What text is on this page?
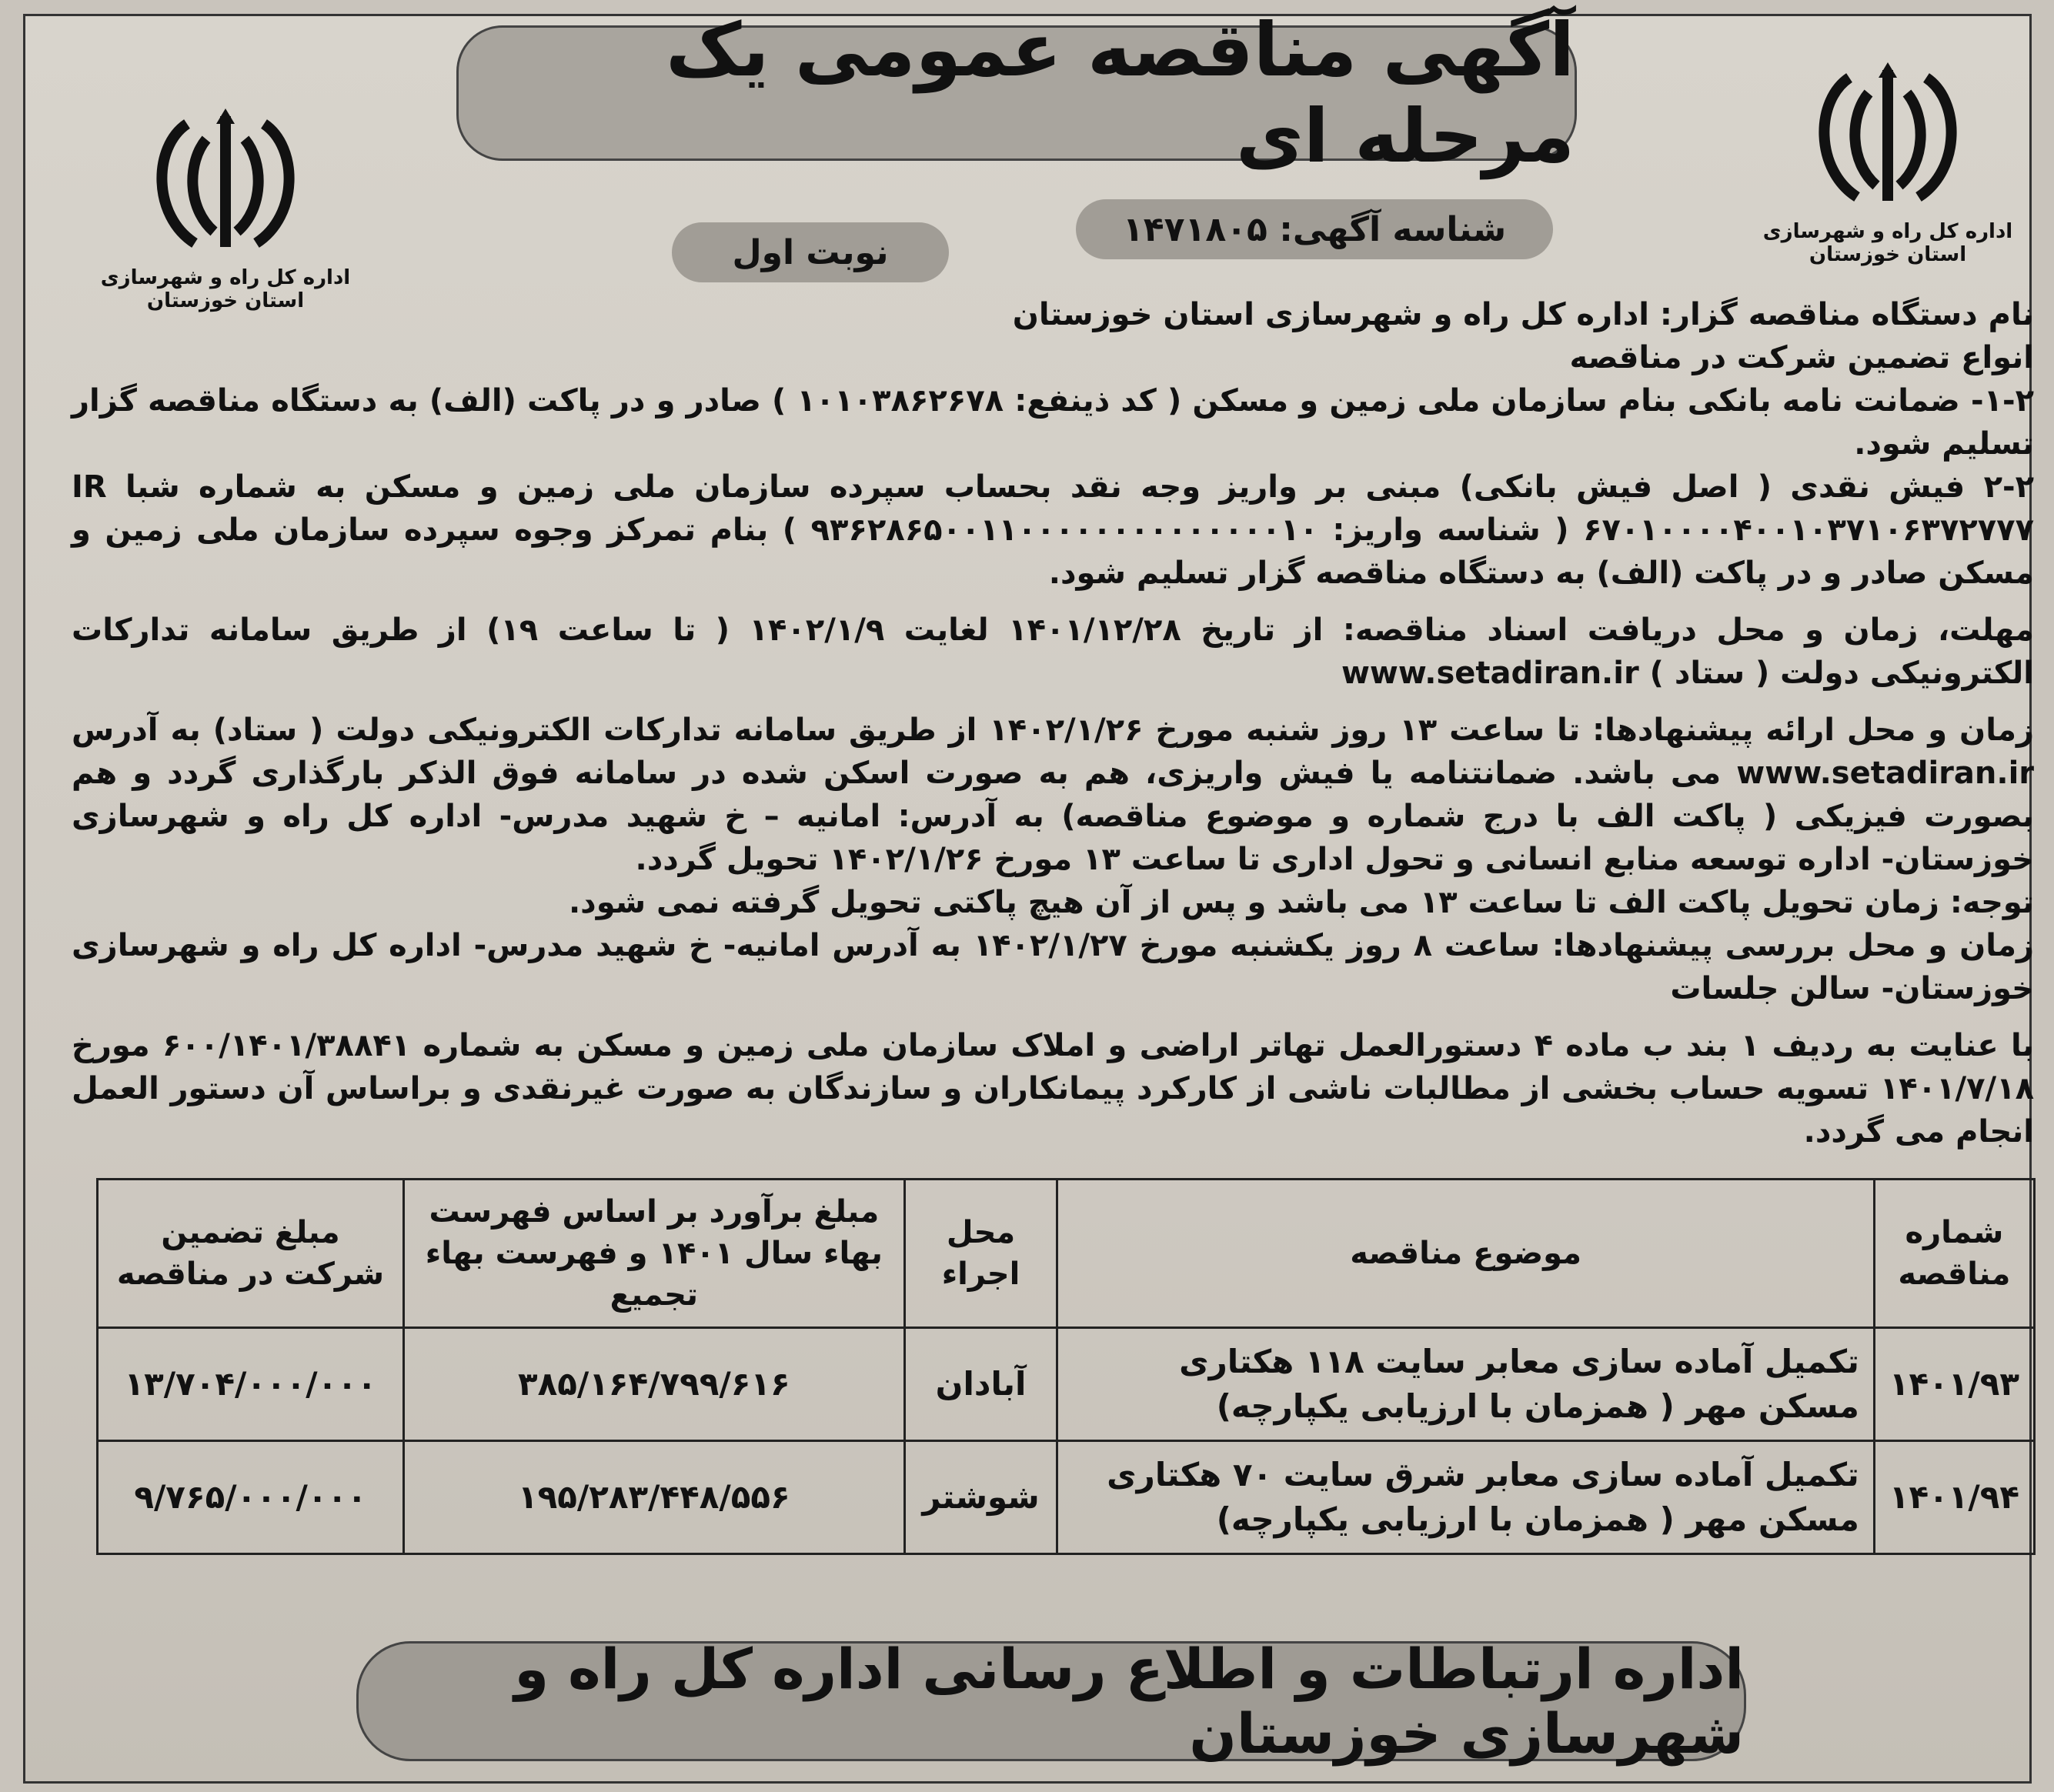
اداره کل راه و شهرسازی استان خوزستان
اداره کل راه و شهرسازی استان خوزستان
آگهی مناقصه عمومی یک مرحله ای
شناسه آگهی: ۱۴۷۱۸۰۵
نوبت اول

نام دستگاه مناقصه گزار: اداره کل راه و شهرسازی استان خوزستان

انواع تضمین شرکت در مناقصه

۱-۲- ضمانت نامه بانکی بنام سازمان ملی زمین و مسکن ( کد ذینفع: ۱۰۱۰۳۸۶۲۶۷۸ ) صادر و در پاکت (الف) به دستگاه مناقصه گزار تسلیم شود.

۲-۲ فیش نقدی ( اصل فیش بانکی) مبنی بر واریز وجه نقد بحساب سپرده سازمان ملی زمین و مسکن به شماره شبا IR ۶۷۰۱۰۰۰۰۴۰۰۱۰۳۷۱۰۶۳۷۲۷۷۷ ( شناسه واریز: ۹۳۶۲۸۶۵۰۰۱۱۰۰۰۰۰۰۰۰۰۰۰۰۰۰۱۰ ) بنام تمرکز وجوه سپرده سازمان ملی زمین و مسکن صادر و در پاکت (الف) به دستگاه مناقصه گزار تسلیم شود.

مهلت، زمان و محل دریافت اسناد مناقصه: از تاریخ ۱۴۰۱/۱۲/۲۸ لغایت ۱۴۰۲/۱/۹ ( تا ساعت ۱۹) از طریق سامانه تدارکات الکترونیکی دولت ( ستاد ) www.setadiran.ir

زمان و محل ارائه پیشنهادها: تا ساعت ۱۳ روز شنبه مورخ ۱۴۰۲/۱/۲۶ از طریق سامانه تدارکات الکترونیکی دولت ( ستاد) به آدرس www.setadiran.ir می باشد. ضمانتنامه یا فیش واریزی، هم به صورت اسکن شده در سامانه فوق الذکر بارگذاری گردد و هم بصورت فیزیکی ( پاکت الف با درج شماره و موضوع مناقصه) به آدرس: امانیه – خ شهید مدرس- اداره کل راه و شهرسازی خوزستان- اداره توسعه منابع انسانی و تحول اداری تا ساعت ۱۳ مورخ ۱۴۰۲/۱/۲۶ تحویل گردد.

توجه: زمان تحویل پاکت الف تا ساعت ۱۳ می باشد و پس از آن هیچ پاکتی تحویل گرفته نمی شود.

زمان و محل بررسی پیشنهادها: ساعت ۸ روز یکشنبه مورخ ۱۴۰۲/۱/۲۷ به آدرس امانیه- خ شهید مدرس- اداره کل راه و شهرسازی خوزستان- سالن جلسات

با عنایت به ردیف ۱ بند ب ماده ۴ دستورالعمل تهاتر اراضی و املاک سازمان ملی زمین و مسکن به شماره ۶۰۰/۱۴۰۱/۳۸۸۴۱ مورخ ۱۴۰۱/۷/۱۸ تسویه حساب بخشی از مطالبات ناشی از کارکرد پیمانکاران و سازندگان به صورت غیرنقدی و براساس آن دستور العمل انجام می گردد.

شماره مناقصه	موضوع مناقصه	محل اجراء	مبلغ برآورد بر اساس فهرست بهاء سال ۱۴۰۱ و فهرست بهاء تجمیع	مبلغ تضمین شرکت در مناقصه
۱۴۰۱/۹۳	تکمیل آماده سازی معابر سایت ۱۱۸ هکتاری مسکن مهر ( همزمان با ارزیابی یکپارچه)	آبادان	۳۸۵/۱۶۴/۷۹۹/۶۱۶	۱۳/۷۰۴/۰۰۰/۰۰۰
۱۴۰۱/۹۴	تکمیل آماده سازی معابر شرق سایت ۷۰ هکتاری مسکن مهر ( همزمان با ارزیابی یکپارچه)	شوشتر	۱۹۵/۲۸۳/۴۴۸/۵۵۶	۹/۷۶۵/۰۰۰/۰۰۰
اداره ارتباطات و اطلاع رسانی اداره کل راه و شهرسازی خوزستان
